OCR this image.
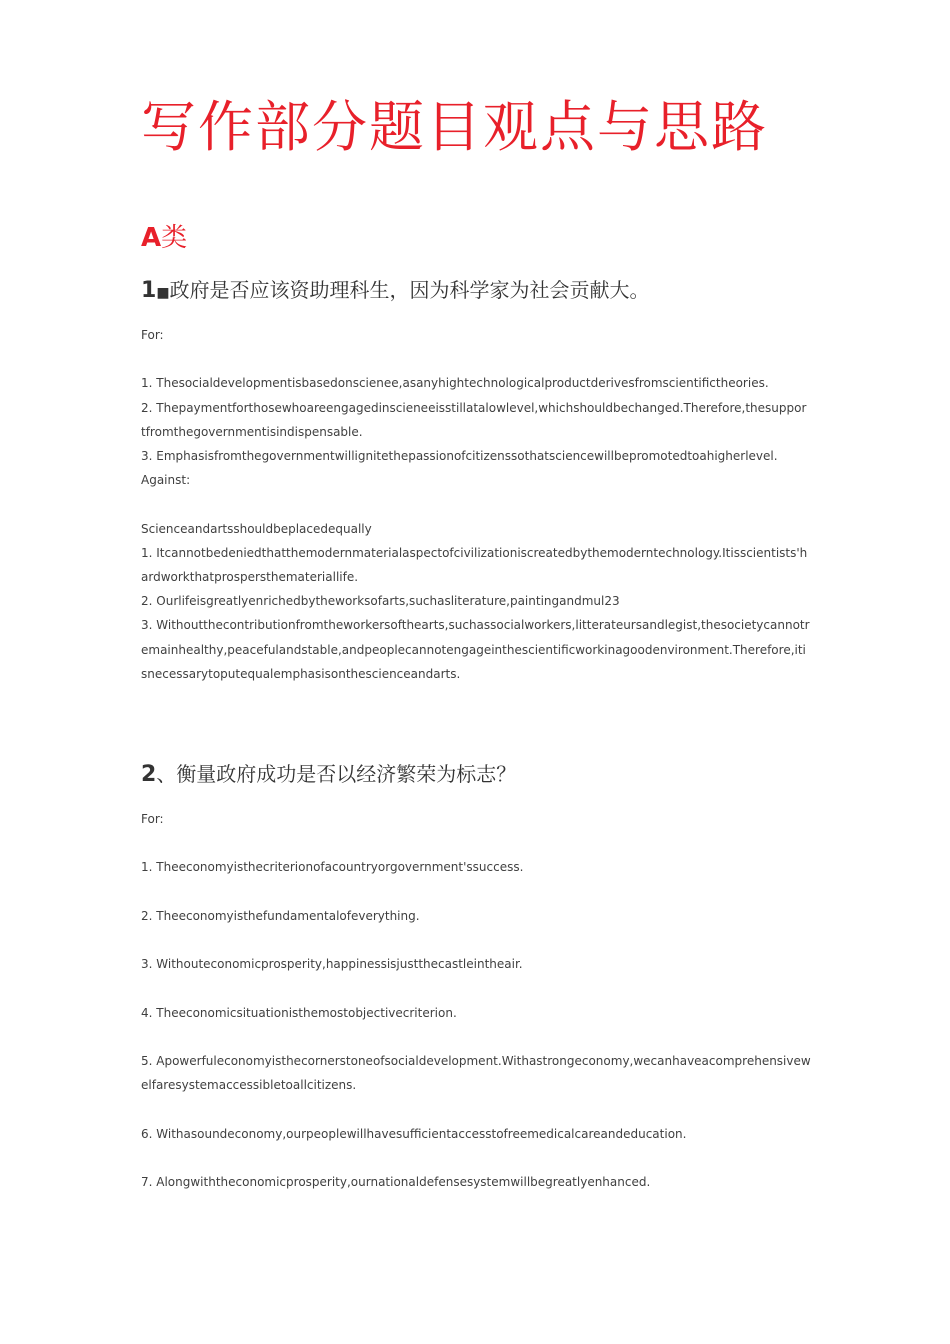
写作部分题目观点与思路
A类
1■政府是否应该资助理科生，因为科学家为社会贡献大。
For:
1. Thesocialdevelopmentisbasedonscienee,asanyhightechnologicalproductderivesfromscientifictheories.
2. Thepaymentforthosewhoareengagedinscieneeisstillatalowlevel,whichshouldbechanged.Therefore,thesupportfromthegovernmentisindispensable.
3. Emphasisfromthegovernmentwillignitethepassionofcitizenssothatsciencewillbepromotedtoahigherlevel.
Against:
Scienceandartsshouldbeplacedequally
1. Itcannotbedeniedthatthemodernmaterialaspectofcivilizationiscreatedbythemoderntechnology.Itisscientists'hardworkthatprospersthemateriallife.
2. Ourlifeisgreatlyenrichedbytheworksofarts,suchasliterature,paintingandmul23
3. Withoutthecontributionfromtheworkersofthearts,suchassocialworkers,litterateursandlegist,thesocietycannotremainhealthy,peacefulandstable,andpeoplecannotengageinthescientificworkinagoodenvironment.Therefore,itisnecessarytoputequalemphasisonthescienceandarts.
2、衡量政府成功是否以经济繁荣为标志？
For:
1. Theeconomyisthecriterionofacountryorgovernment'ssuccess.
2. Theeconomyisthefundamentalofeverything.
3. Withouteconomicprosperity,happinessisjustthecastleintheair.
4. Theeconomicsituationisthemostobjectivecriterion.
5. Apowerfuleconomyisthecornerstoneofsocialdevelopment.Withastrongeconomy,wecanhaveacomprehensivewelfaresystemaccessibletoallcitizens.
6. Withasoundeconomy,ourpeoplewillhavesufficientaccesstofreemedicalcareandeducation.
7. Alongwiththeconomicprosperity,ournationaldefensesystemwillbegreatlyenhanced.
